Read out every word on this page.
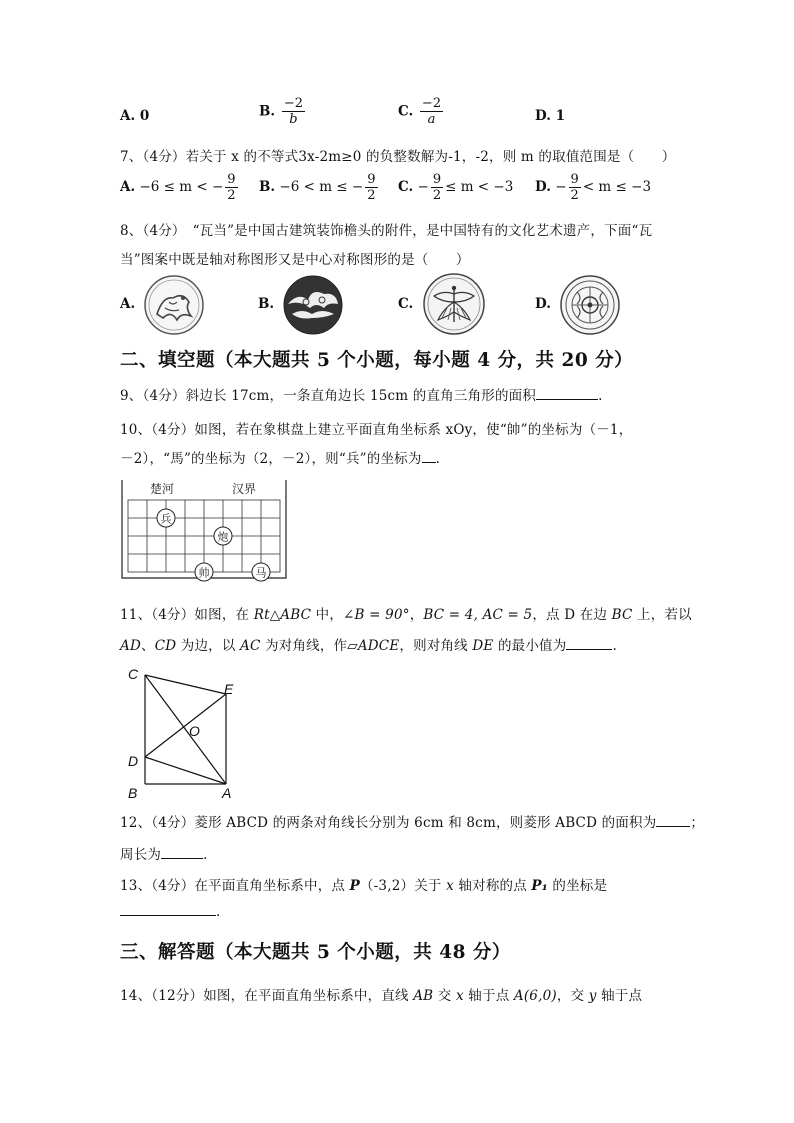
A. 0	B. $\frac{-2}{b}$	C. $\frac{-2}{a}$	D. 1
7、（4分）若关于 x 的不等式3x-2m≥0 的负整数解为-1，-2，则 m 的取值范围是（　　）
A. −6 ≤ m < − $\frac{9}{2} B$. −6 < m ≤ − $\frac{9}{2} C$. − $\frac{9}{2} \le m < -3$ D. − $\frac{9}{2} < m \le -3$
8、（4分）　“瓦当”是中国古建筑装饰檐头的附件，是中国特有的文化艺术遗产，下面“瓦
当”图案中既是轴对称图形又是中心对称图形的是（　　）
A.	B.	C.	D.
二、填空题（本大题共 5 个小题，每小题 4 分，共 20 分）
9、（4分）斜边长 17cm，一条直角边长 15cm 的直角三角形的面积	.
10、（4分）如图，若在象棋盘上建立平面直角坐标系 xOy，使“帥”的坐标为（－1，
－2），“馬”的坐标为（2，－2），则“兵”的坐标为 .
楚河	汉界
兵
炮
帅	马
11、（4分）如图，在 Rt△ABC 中，∠B = 90°，BC = 4, AC = 5，点 D 在边 BC 上，若以
AD、CD 为边，以 AC 为对角线，作▱ADCE，则对角线 DE 的最小值为	.
C
E
O
D
B	A
12、（4分）菱形 ABCD 的两条对角线长分别为 6cm 和 8cm，则菱形 ABCD 的面积为	；
周长为	.
13、（4分）在平面直角坐标系中，点 P（-3,2）关于 x 轴对称的点 P₁ 的坐标是
.
三、解答题（本大题共 5 个小题，共 48 分）
14、（12分）如图，在平面直角坐标系中，直线 AB 交 x 轴于点 A(6,0)，交 y 轴于点
